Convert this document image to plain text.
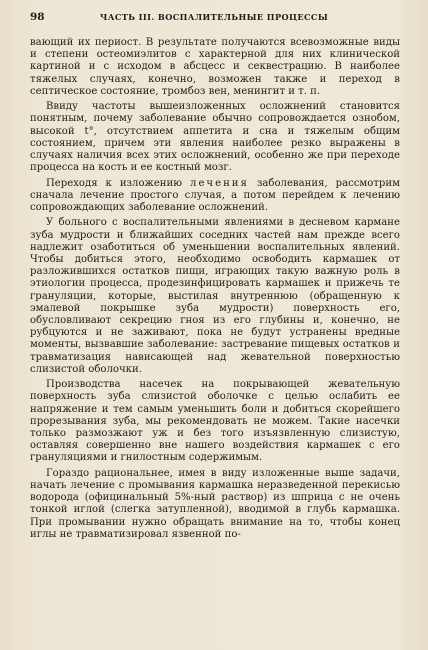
98	ЧАСТЬ III. ВОСПАЛИТЕЛЬНЫЕ ПРОЦЕССЫ

вающий их периост. В результате получаются всевозможные виды и степени остеомиэлитов с характерной для них клинической картиной и с исходом в абсцесс и секвестрацию. В наиболее тяжелых случаях, конечно, возможен также и переход в септическое состояние, тромбоз вен, менингит и т. п.

Ввиду частоты вышеизложенных осложнений становится понятным, почему заболевание обычно сопровождается ознобом, высокой t°, отсутствием аппетита и сна и тяжелым общим состоянием, причем эти явления наиболее резко выражены в случаях наличия всех этих осложнений, особенно же при переходе процесса на кость и ее костный мозг.

Переходя к изложению лечения заболевания, рассмотрим сначала лечение простого случая, а потом перейдем к лечению сопровождающих заболевание осложнений.

У больного с воспалительными явлениями в десневом кармане зуба мудрости и ближайших соседних частей нам прежде всего надлежит озаботиться об уменьшении воспалительных явлений. Чтобы добиться этого, необходимо освободить кармашек от разложившихся остатков пищи, играющих такую важную роль в этиологии процесса, продезинфицировать кармашек и прижечь те грануляции, которые, выстилая внутреннюю (обращенную к эмалевой покрышке зуба мудрости) поверхность его, обусловливают секрецию гноя из его глубины и, конечно, не рубцуются и не заживают, пока не будут устранены вредные моменты, вызвавшие заболевание: застревание пищевых остатков и травматизация нависающей над жевательной поверхностью слизистой оболочки.

Производства насечек на покрывающей жевательную поверхность зуба слизистой оболочке с целью ослабить ее напряжение и тем самым уменьшить боли и добиться скорейшего прорезывания зуба, мы рекомендовать не можем. Такие насечки только размозжают уж и без того изъязвленную слизистую, оставляя совершенно вне нашего воздействия кармашек с его грануляциями и гнилостным содержимым.

Гораздо рациональнее, имея в виду изложенные выше задачи, начать лечение с промывания кармашка неразведенной перекисью водорода (официнальный 5%-ный раствор) из шприца с не очень тонкой иглой (слегка затупленной), вводимой в глубь кармашка. При промывании нужно обращать внимание на то, чтобы конец иглы не травматизировал язвенной по-
